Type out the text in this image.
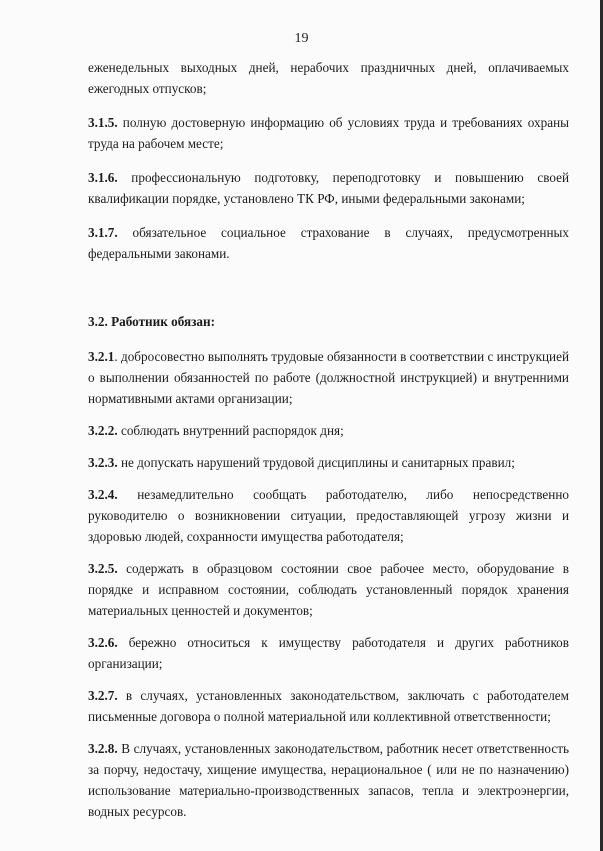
19

еженедельных выходных дней, нерабочих праздничных дней, оплачиваемых ежегодных отпусков;

3.1.5. полную достоверную информацию об условиях труда и требованиях охраны труда на рабочем месте;

3.1.6. профессиональную подготовку, переподготовку и повышению своей квалификации порядке, установлено ТК РФ, иными федеральными законами;

3.1.7. обязательное социальное страхование в случаях, предусмотренных федеральными законами.

3.2. Работник обязан:

3.2.1. добросовестно выполнять трудовые обязанности в соответствии с инструкцией о выполнении обязанностей по работе (должностной инструкцией) и внутренними нормативными актами организации;

3.2.2. соблюдать внутренний распорядок дня;

3.2.3. не допускать нарушений трудовой дисциплины и санитарных правил;

3.2.4. незамедлительно сообщать работодателю, либо непосредственно руководителю о возникновении ситуации, предоставляющей угрозу жизни и здоровью людей, сохранности имущества работодателя;

3.2.5. содержать в образцовом состоянии свое рабочее место, оборудование в порядке и исправном состоянии, соблюдать установленный порядок хранения материальных ценностей и документов;

3.2.6. бережно относиться к имуществу работодателя и других работников организации;

3.2.7. в случаях, установленных законодательством, заключать с работодателем письменные договора о полной материальной или коллективной ответственности;

3.2.8. В случаях, установленных законодательством, работник несет ответственность за порчу, недостачу, хищение имущества, нерациональное ( или не по назначению) использование материально-производственных запасов, тепла и электроэнергии, водных ресурсов.
